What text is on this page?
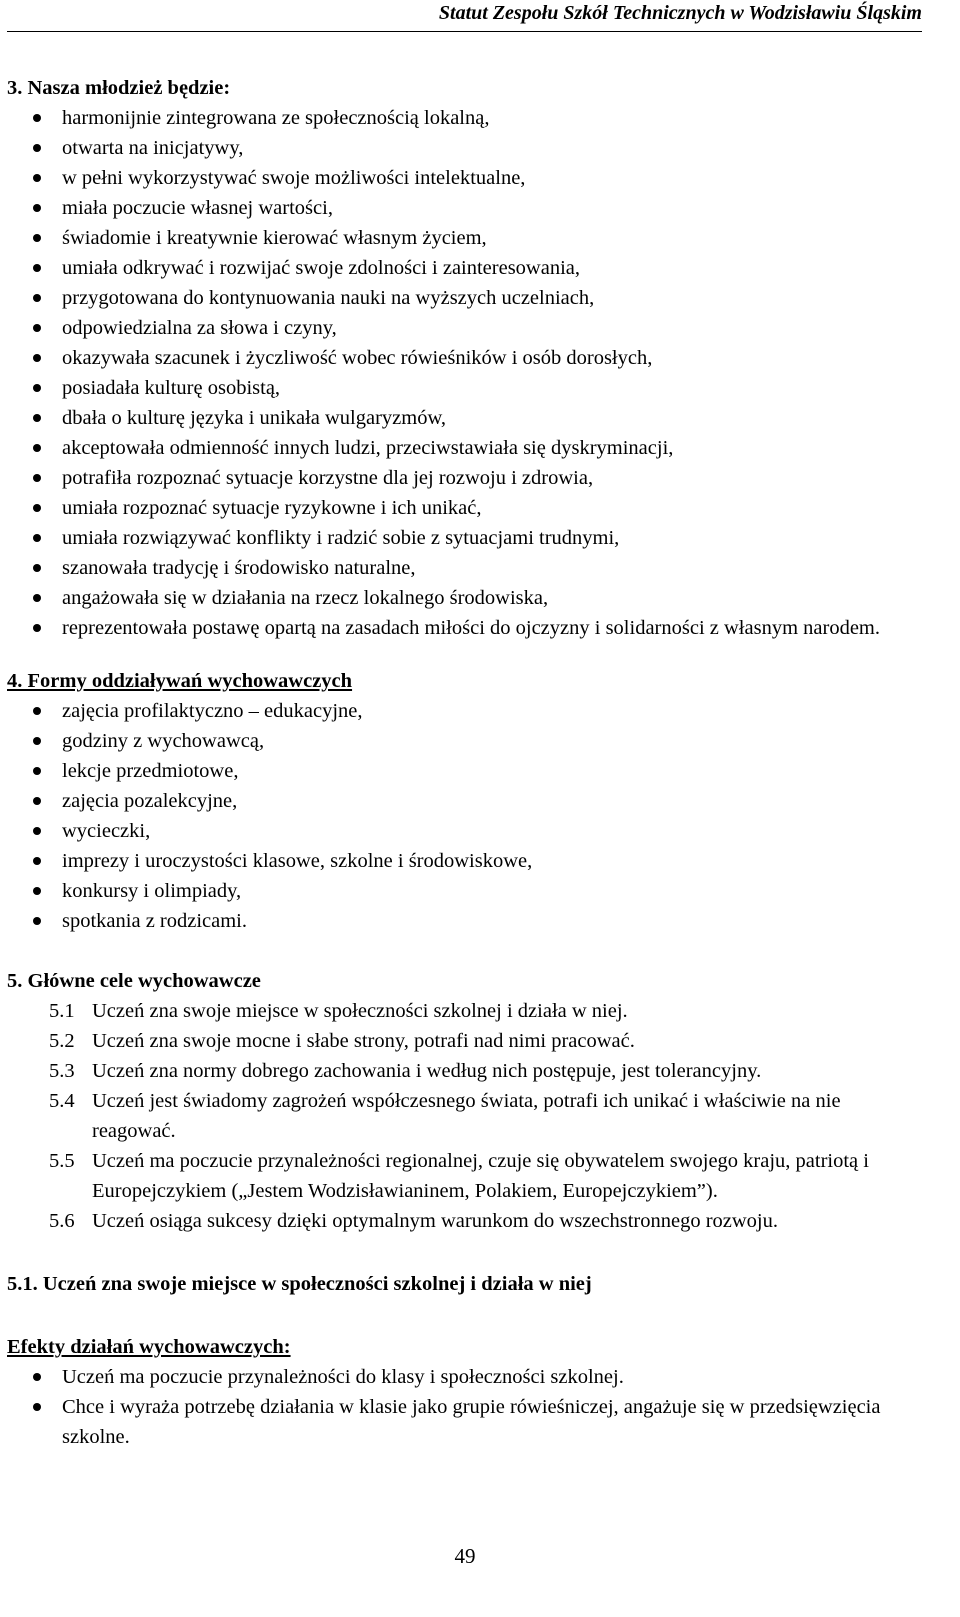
Statut Zespołu Szkół Technicznych w Wodzisławiu Śląskim
3. Nasza młodzież będzie:
harmonijnie zintegrowana ze społecznością lokalną,
otwarta na inicjatywy,
w pełni wykorzystywać swoje możliwości intelektualne,
miała poczucie własnej wartości,
świadomie i kreatywnie kierować własnym życiem,
umiała odkrywać i rozwijać swoje zdolności i zainteresowania,
przygotowana do kontynuowania nauki na wyższych uczelniach,
odpowiedzialna za słowa i czyny,
okazywała szacunek i życzliwość wobec rówieśników i osób dorosłych,
posiadała kulturę osobistą,
dbała o kulturę języka i unikała wulgaryzmów,
akceptowała odmienność innych ludzi, przeciwstawiała się dyskryminacji,
potrafiła rozpoznać sytuacje korzystne dla jej rozwoju i zdrowia,
umiała rozpoznać sytuacje ryzykowne i ich unikać,
umiała rozwiązywać konflikty i radzić sobie z sytuacjami trudnymi,
szanowała tradycję i środowisko naturalne,
angażowała się w działania na rzecz lokalnego środowiska,
reprezentowała postawę opartą na zasadach miłości do ojczyzny i solidarności z własnym narodem.
4. Formy oddziaływań wychowawczych
zajęcia profilaktyczno – edukacyjne,
godziny z wychowawcą,
lekcje przedmiotowe,
zajęcia pozalekcyjne,
wycieczki,
imprezy i uroczystości klasowe, szkolne i środowiskowe,
konkursy i olimpiady,
spotkania z rodzicami.
5. Główne cele wychowawcze
5.1 Uczeń zna swoje miejsce w społeczności szkolnej i działa w niej.
5.2 Uczeń zna swoje mocne i słabe strony, potrafi nad nimi pracować.
5.3 Uczeń zna normy dobrego zachowania i według nich postępuje, jest tolerancyjny.
5.4 Uczeń jest świadomy zagrożeń współczesnego świata, potrafi ich unikać i właściwie na nie reagować.
5.5 Uczeń ma poczucie przynależności regionalnej, czuje się obywatelem swojego kraju, patriotą i Europejczykiem („Jestem Wodzisławianinem, Polakiem, Europejczykiem”).
5.6 Uczeń osiąga sukcesy dzięki optymalnym warunkom do wszechstronnego rozwoju.
5.1. Uczeń zna swoje miejsce w społeczności szkolnej i działa w niej
Efekty działań wychowawczych:
Uczeń ma poczucie przynależności do klasy i społeczności szkolnej.
Chce i wyraża potrzebę działania w klasie jako grupie rówieśniczej, angażuje się w przedsięwzięcia szkolne.
49
